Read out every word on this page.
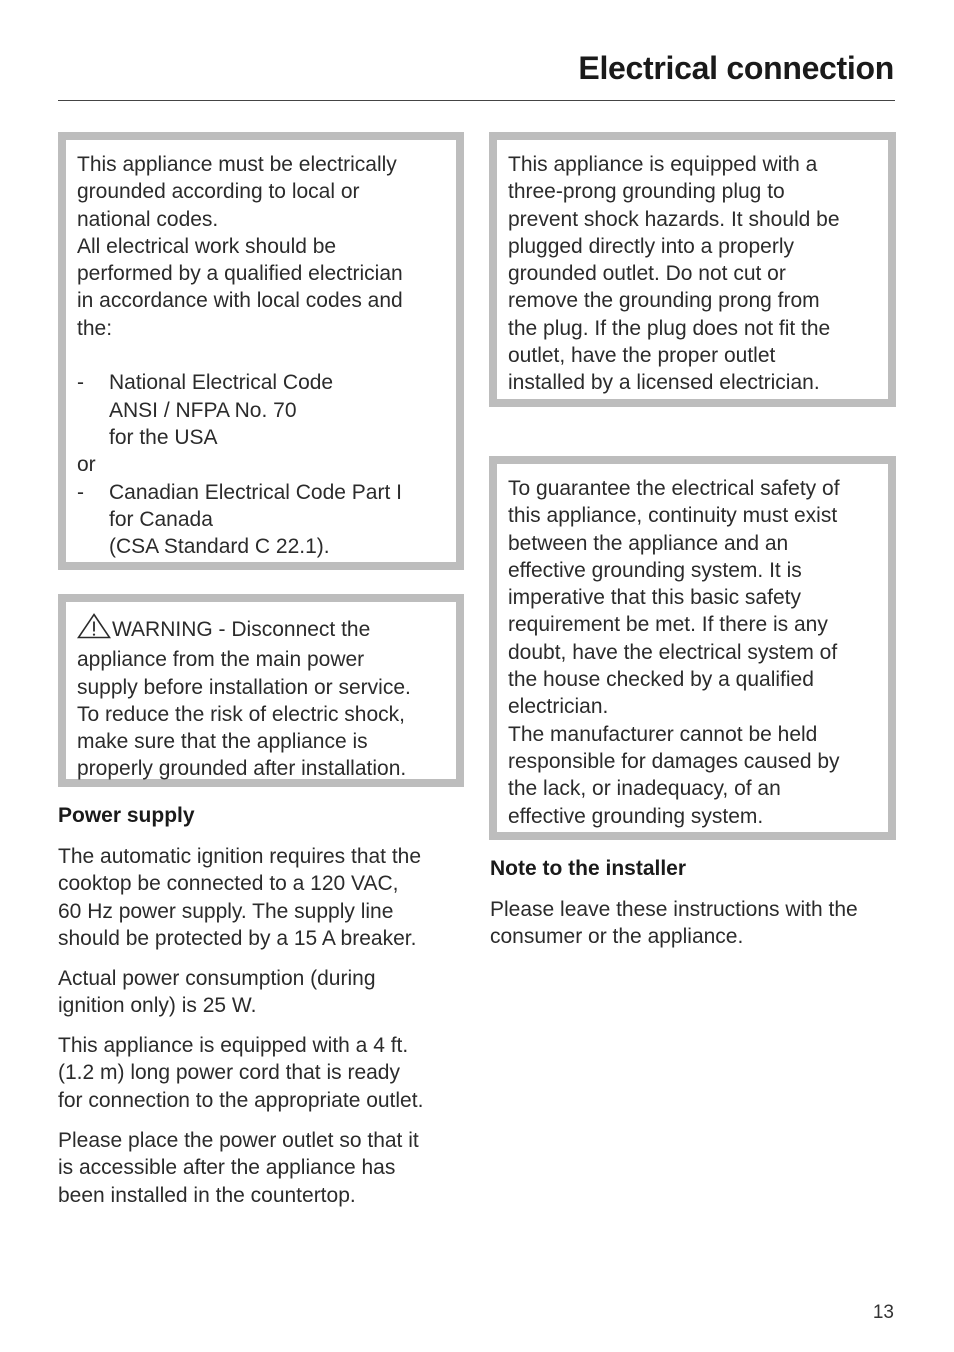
Electrical connection

This appliance must be electrically
grounded according to local or
national codes.
All electrical work should be
performed by a qualified electrician
in accordance with local codes and
the:

-	National Electrical Code
ANSI / NFPA No. 70
for the USA

or

-	Canadian Electrical Code Part I
for Canada
(CSA Standard C 22.1).

WARNING - Disconnect the
appliance from the main power
supply before installation or service.
To reduce the risk of electric shock,
make sure that the appliance is
properly grounded after installation.

Power supply

The automatic ignition requires that the
cooktop be connected to a 120 VAC,
60 Hz power supply. The supply line
should be protected by a 15 A breaker.

Actual power consumption (during
ignition only) is 25 W.

This appliance is equipped with a 4 ft.
(1.2 m) long power cord that is ready
for connection to the appropriate outlet.

Please place the power outlet so that it
is accessible after the appliance has
been installed in the countertop.

This appliance is equipped with a
three-prong grounding plug to
prevent shock hazards. It should be
plugged directly into a properly
grounded outlet. Do not cut or
remove the grounding prong from
the plug. If the plug does not fit the
outlet, have the proper outlet
installed by a licensed electrician.

To guarantee the electrical safety of
this appliance, continuity must exist
between the appliance and an
effective grounding system. It is
imperative that this basic safety
requirement be met. If there is any
doubt, have the electrical system of
the house checked by a qualified
electrician.
The manufacturer cannot be held
responsible for damages caused by
the lack, or inadequacy, of an
effective grounding system.

Note to the installer

Please leave these instructions with the
consumer or the appliance.

13
